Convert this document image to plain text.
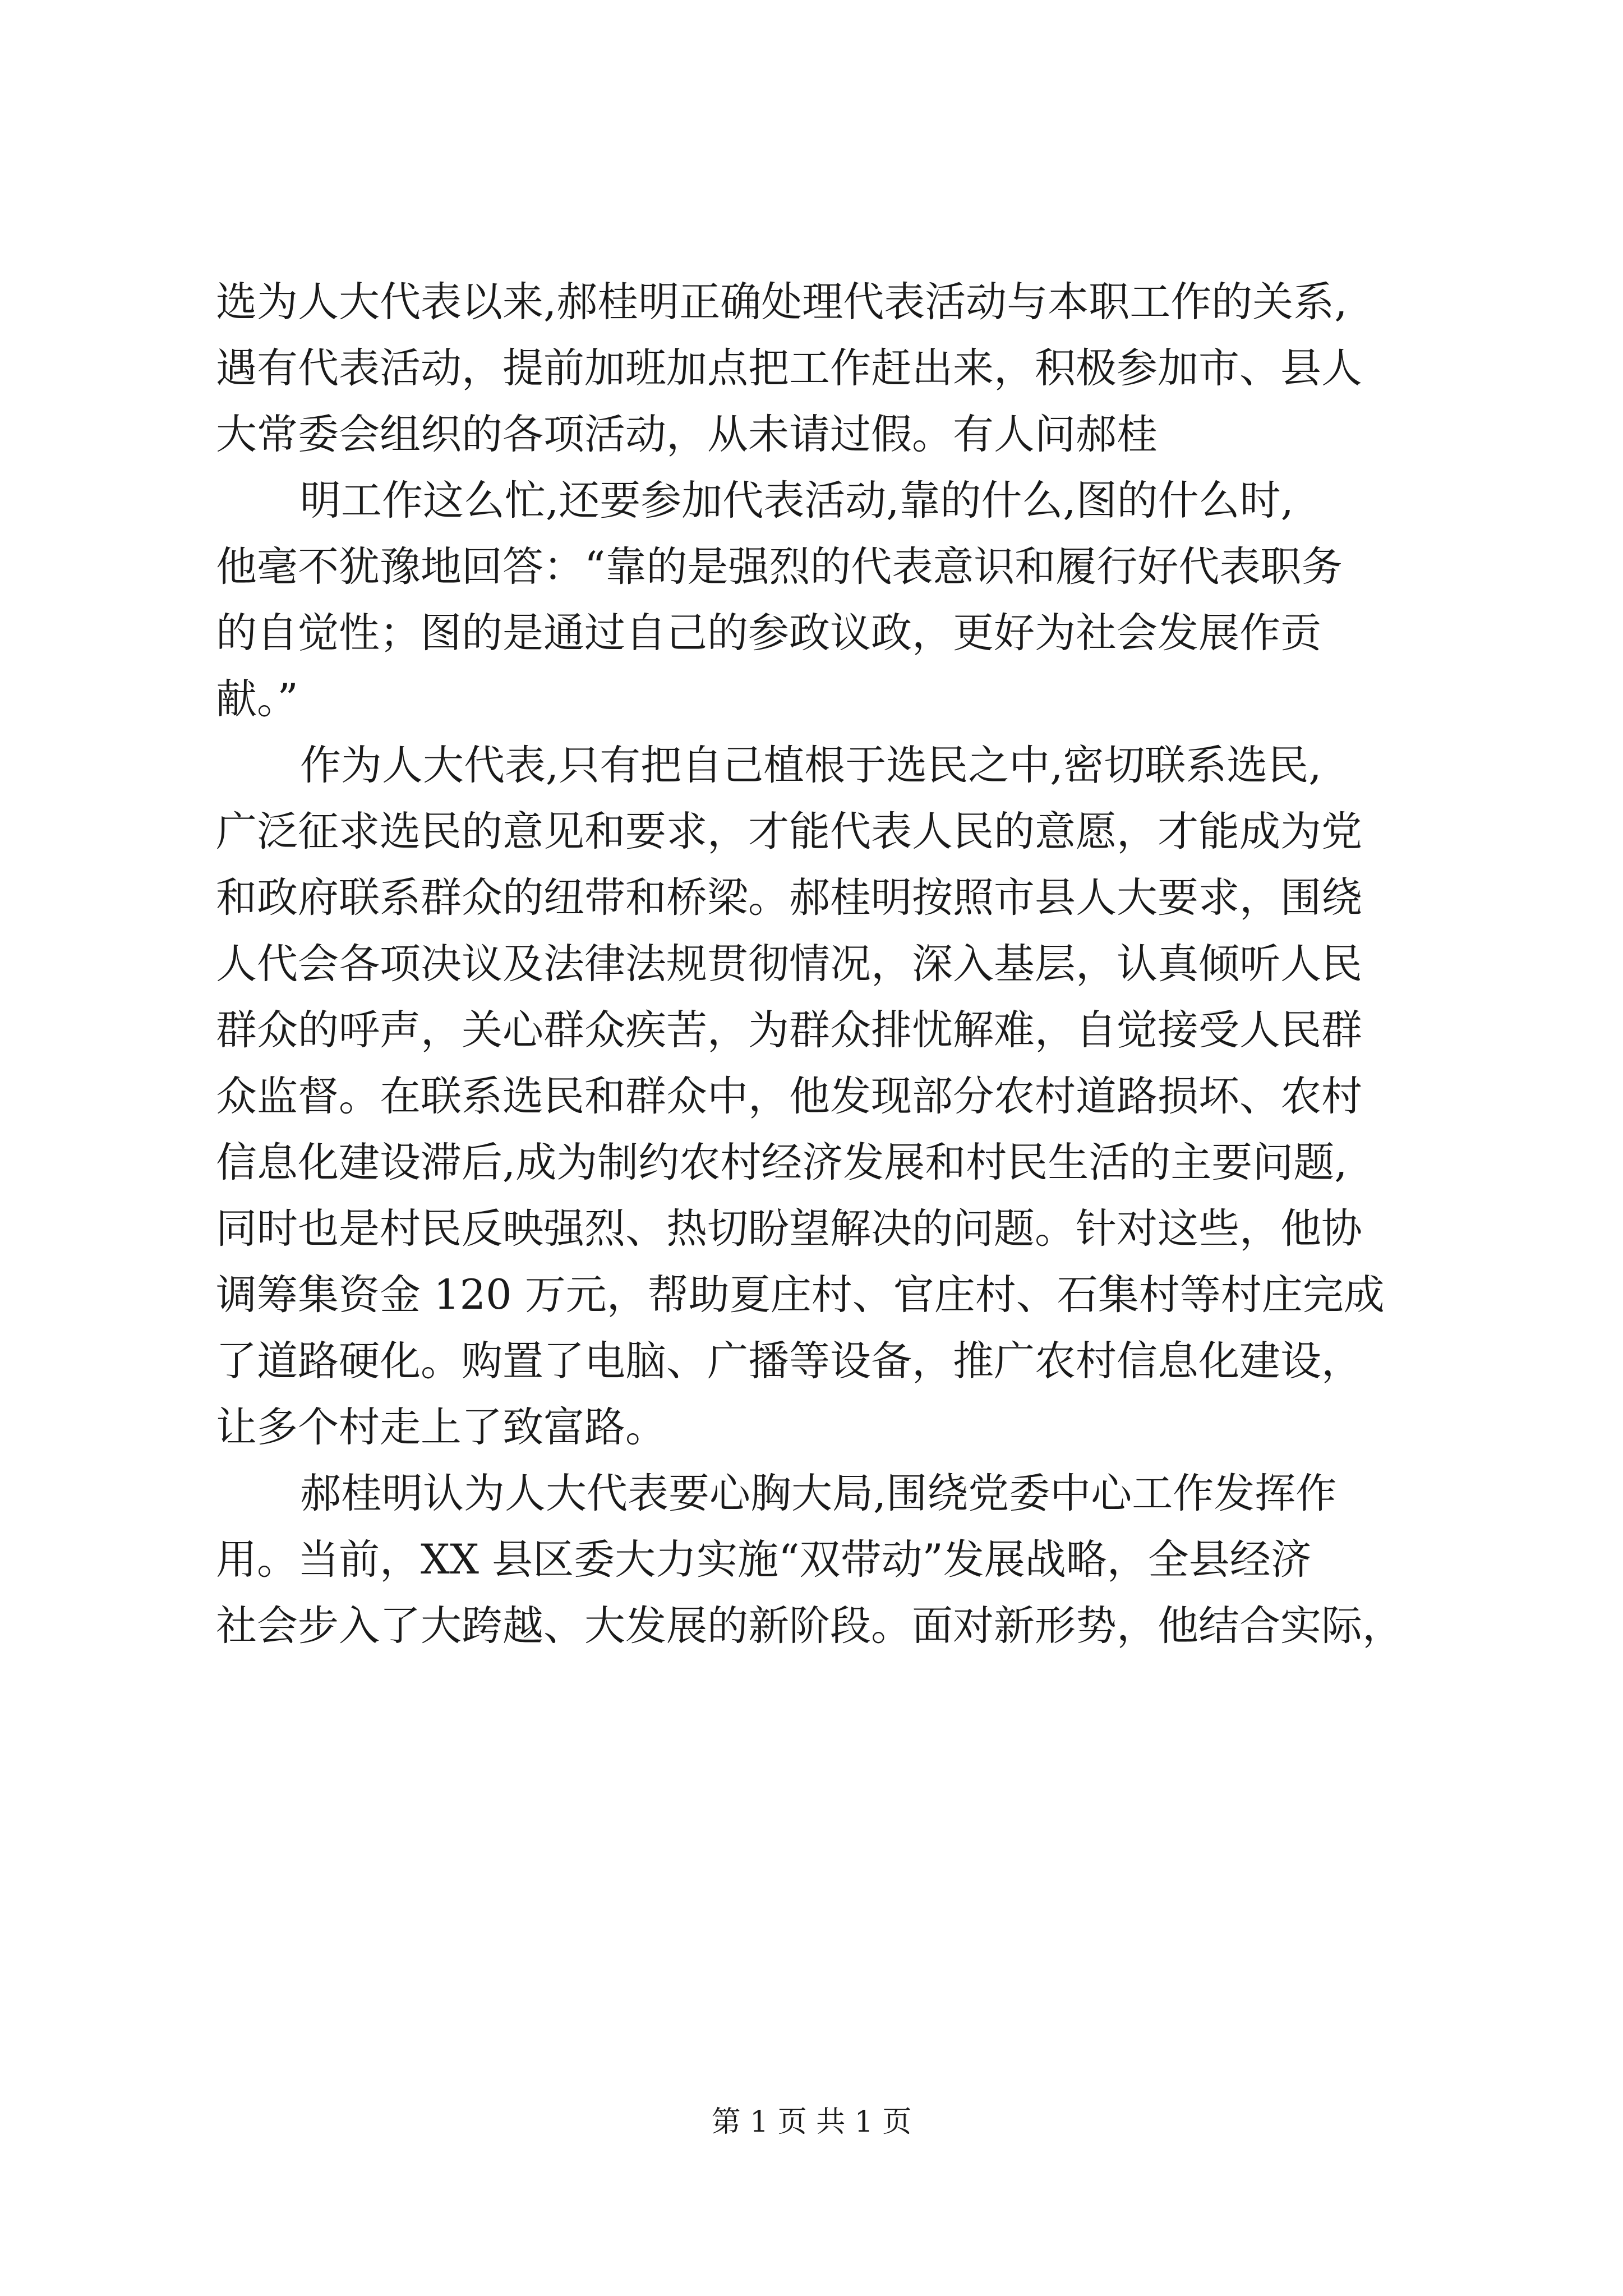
选为人大代表以来,郝桂明正确处理代表活动与本职工作的关系,
遇有代表活动，提前加班加点把工作赶出来，积极参加市、县人
大常委会组织的各项活动，从未请过假。有人问郝桂
明工作这么忙,还要参加代表活动,靠的什么,图的什么时,
他毫不犹豫地回答：“靠的是强烈的代表意识和履行好代表职务
的自觉性；图的是通过自己的参政议政，更好为社会发展作贡
献。”
作为人大代表,只有把自己植根于选民之中,密切联系选民,
广泛征求选民的意见和要求，才能代表人民的意愿，才能成为党
和政府联系群众的纽带和桥梁。郝桂明按照市县人大要求，围绕
人代会各项决议及法律法规贯彻情况，深入基层，认真倾听人民
群众的呼声，关心群众疾苦，为群众排忧解难，自觉接受人民群
众监督。在联系选民和群众中，他发现部分农村道路损坏、农村
信息化建设滞后,成为制约农村经济发展和村民生活的主要问题,
同时也是村民反映强烈、热切盼望解决的问题。针对这些，他协
调筹集资金 120 万元，帮助夏庄村、官庄村、石集村等村庄完成
了道路硬化。购置了电脑、广播等设备，推广农村信息化建设，
让多个村走上了致富路。
郝桂明认为人大代表要心胸大局,围绕党委中心工作发挥作
用。当前，XX 县区委大力实施“双带动”发展战略，全县经济
社会步入了大跨越、大发展的新阶段。面对新形势，他结合实际，
第 1 页 共 1 页
